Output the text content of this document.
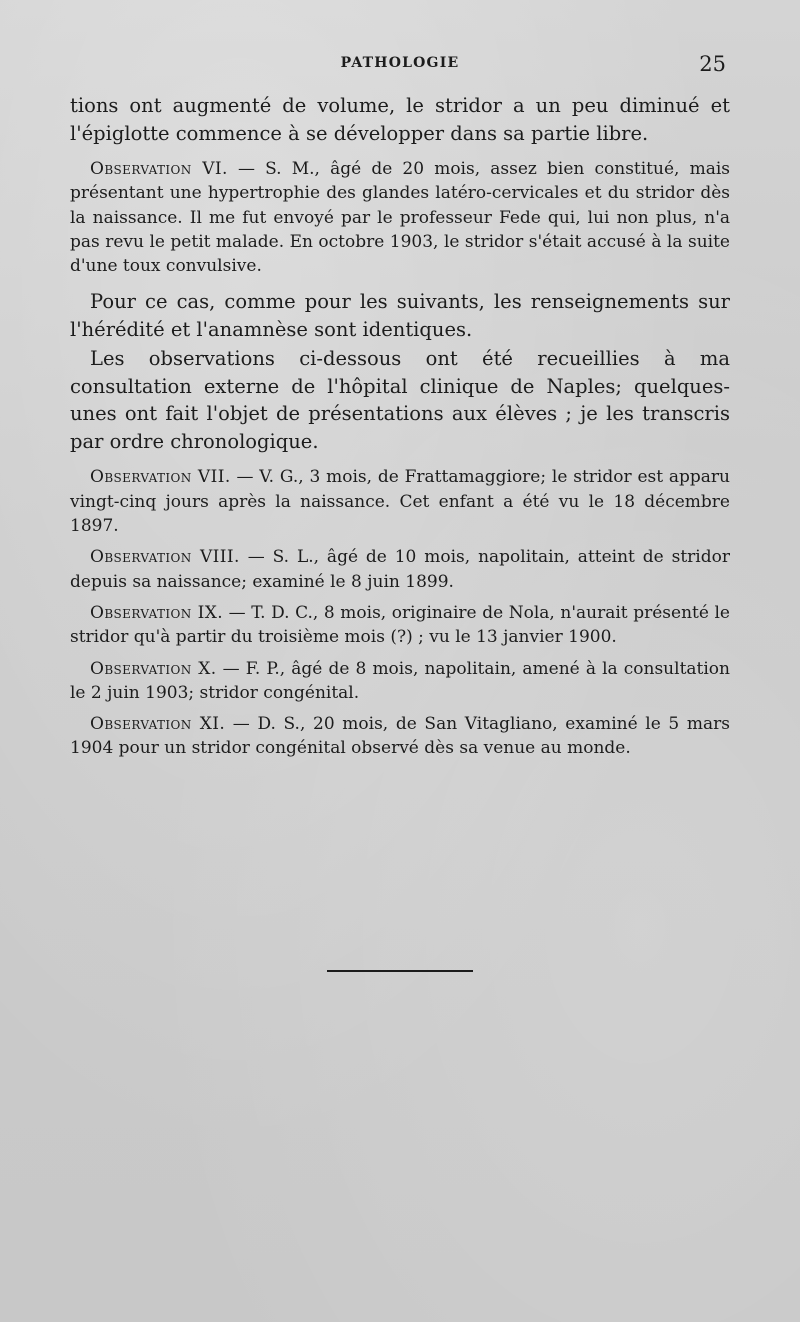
PATHOLOGIE	25

tions ont augmenté de volume, le stridor a un peu diminué et l'épiglotte commence à se développer dans sa partie libre.

Observation VI. — S. M., âgé de 20 mois, assez bien constitué, mais présentant une hypertrophie des glandes latéro-cervicales et du stridor dès la naissance. Il me fut envoyé par le professeur Fede qui, lui non plus, n'a pas revu le petit malade. En octobre 1903, le stridor s'était accusé à la suite d'une toux convulsive.

Pour ce cas, comme pour les suivants, les renseignements sur l'hérédité et l'anamnèse sont identiques.

Les observations ci-dessous ont été recueillies à ma consultation externe de l'hôpital clinique de Naples; quelques-unes ont fait l'objet de présentations aux élèves ; je les transcris par ordre chronologique.

Observation VII. — V. G., 3 mois, de Frattamaggiore; le stridor est apparu vingt-cinq jours après la naissance. Cet enfant a été vu le 18 décembre 1897.

Observation VIII. — S. L., âgé de 10 mois, napolitain, atteint de stridor depuis sa naissance; examiné le 8 juin 1899.

Observation IX. — T. D. C., 8 mois, originaire de Nola, n'aurait présenté le stridor qu'à partir du troisième mois (?) ; vu le 13 janvier 1900.

Observation X. — F. P., âgé de 8 mois, napolitain, amené à la consultation le 2 juin 1903; stridor congénital.

Observation XI. — D. S., 20 mois, de San Vitagliano, examiné le 5 mars 1904 pour un stridor congénital observé dès sa venue au monde.
